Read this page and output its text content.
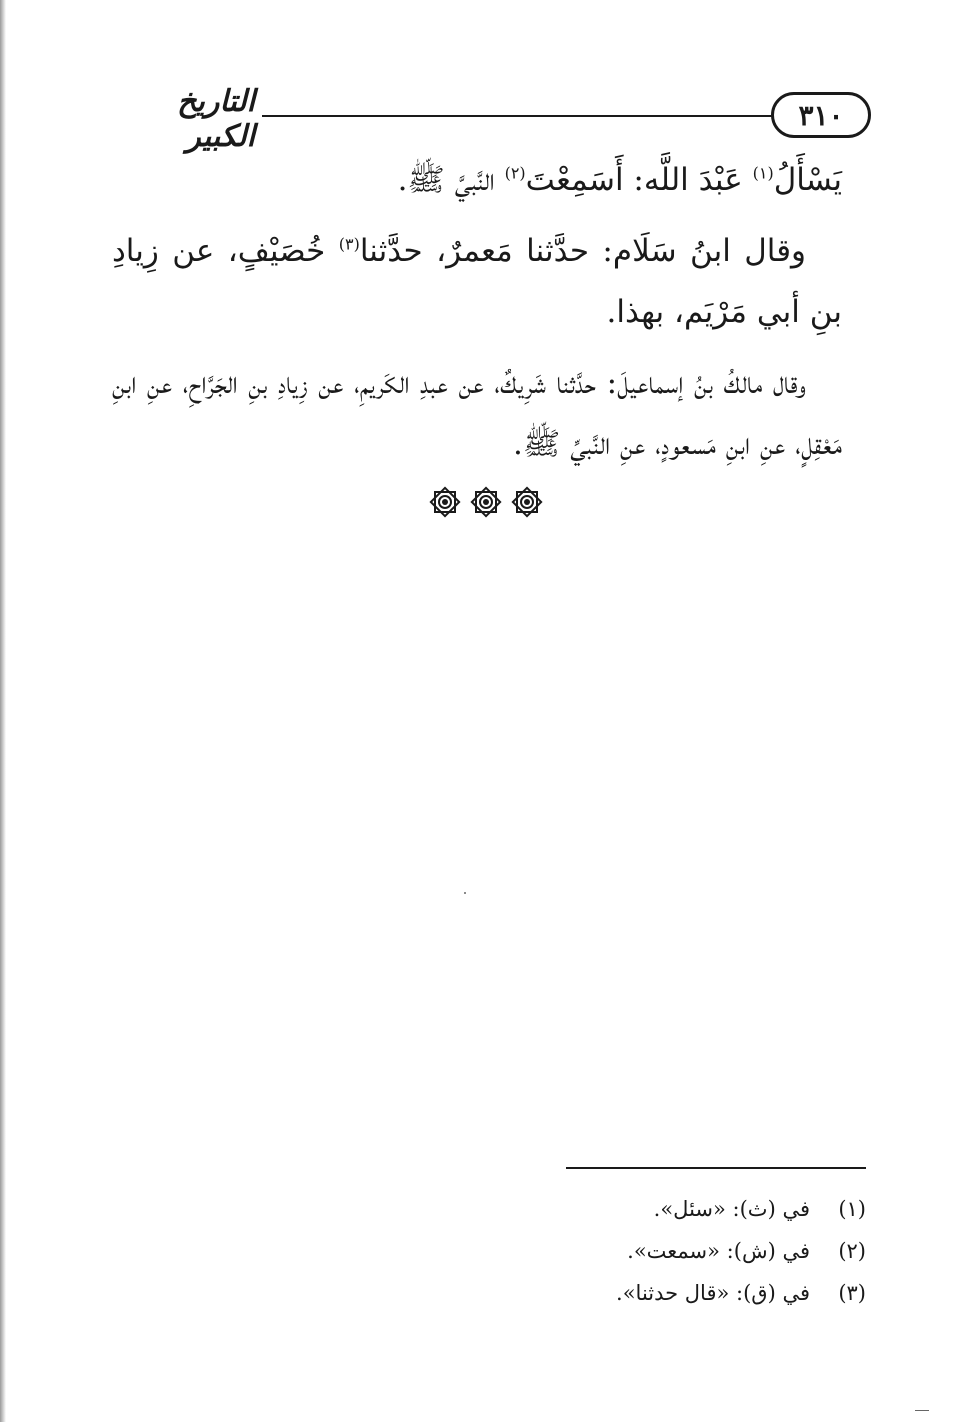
٣١٠
التاريخ الكبير

يَسْأَلُ$^{(١)}$ عَبْدَ اللَّه: أَسَمِعْتَ$^{(٢)}$ النَّبيَّ ﷺ.

وقال ابنُ سَلَام: حدَّثنا مَعمرٌ، حدَّثنا$^{(٣)}$ خُصَيْفٍ، عن زِيادِ بنِ أبي مَرْيَم، بهذا.

وقال مالكُ بنُ إسماعيلَ: حدَّثنا شَرِيكٌ، عن عبدِ الكَريمِ، عن زِيادِ بنِ الجَرَّاحِ، عنِ ابنِ مَعْقِلٍ، عنِ ابنِ مَسعودٍ، عنِ النَّبيِّ ﷺ.

(١)
في (ث): «سئل».
(٢)
في (ش): «سمعت».
(٣)
في (ق): «قال حدثنا».
